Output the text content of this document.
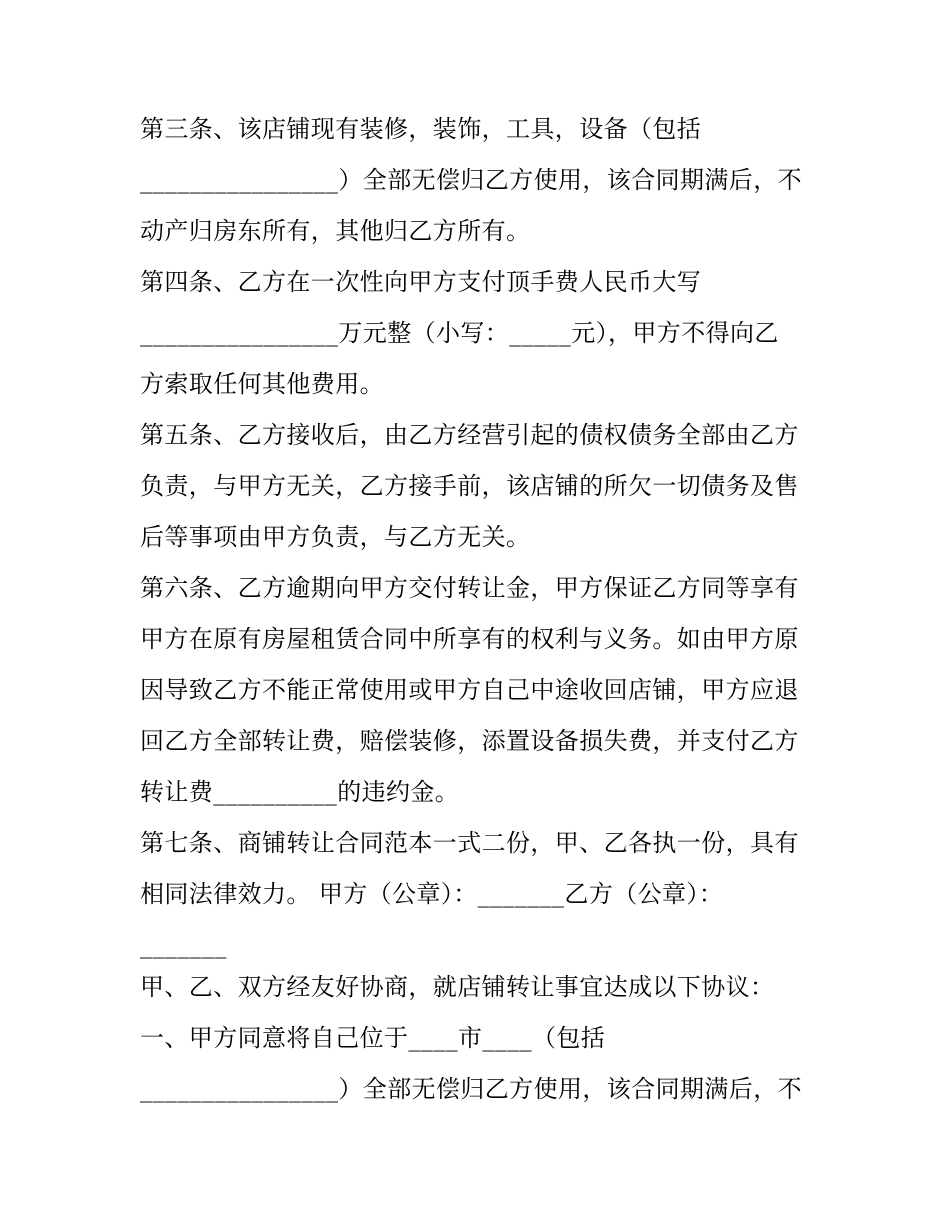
第三条、该店铺现有装修，装饰，工具，设备（包括
________________）全部无偿归乙方使用，该合同期满后，不
动产归房东所有，其他归乙方所有。
第四条、乙方在一次性向甲方支付顶手费人民币大写
________________万元整（小写：_____元），甲方不得向乙
方索取任何其他费用。
第五条、乙方接收后，由乙方经营引起的债权债务全部由乙方
负责，与甲方无关，乙方接手前，该店铺的所欠一切债务及售
后等事项由甲方负责，与乙方无关。
第六条、乙方逾期向甲方交付转让金，甲方保证乙方同等享有
甲方在原有房屋租赁合同中所享有的权利与义务。如由甲方原
因导致乙方不能正常使用或甲方自己中途收回店铺，甲方应退
回乙方全部转让费，赔偿装修，添置设备损失费，并支付乙方
转让费__________的违约金。
第七条、商铺转让合同范本一式二份，甲、乙各执一份，具有
相同法律效力。 甲方（公章）：_______乙方（公章）：
_______
甲、乙、双方经友好协商，就店铺转让事宜达成以下协议：
一、甲方同意将自己位于____市____（包括
________________）全部无偿归乙方使用，该合同期满后，不
